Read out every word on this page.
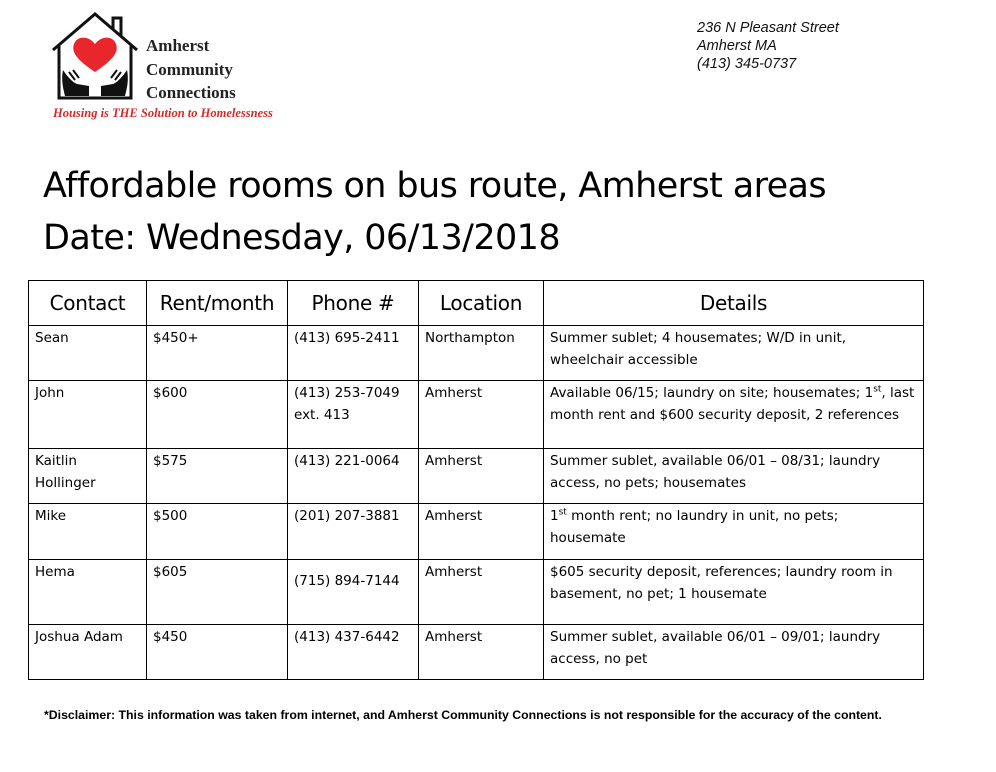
Amherst
Community
Connections
Housing is THE Solution to Homelessness
236 N Pleasant Street
Amherst MA
(413) 345-0737
Affordable rooms on bus route, Amherst areas
Date: Wednesday, 06/13/2018
Contact	Rent/month	Phone #	Location	Details
Sean	$450+	(413) 695-2411	Northampton	Summer sublet; 4 housemates; W/D in unit, wheelchair accessible
John	$600	(413) 253-7049 ext. 413	Amherst	Available 06/15; laundry on site; housemates; 1st, last month rent and $600 security deposit, 2 references
Kaitlin Hollinger	$575	(413) 221-0064	Amherst	Summer sublet, available 06/01 – 08/31; laundry access, no pets; housemates
Mike	$500	(201) 207-3881	Amherst	1st month rent; no laundry in unit, no pets; housemate
Hema	$605	(715) 894-7144	Amherst	$605 security deposit, references; laundry room in basement, no pet; 1 housemate
Joshua Adam	$450	(413) 437-6442	Amherst	Summer sublet, available 06/01 – 09/01; laundry access, no pet
*Disclaimer: This information was taken from internet, and Amherst Community Connections is not responsible for the accuracy of the content.
